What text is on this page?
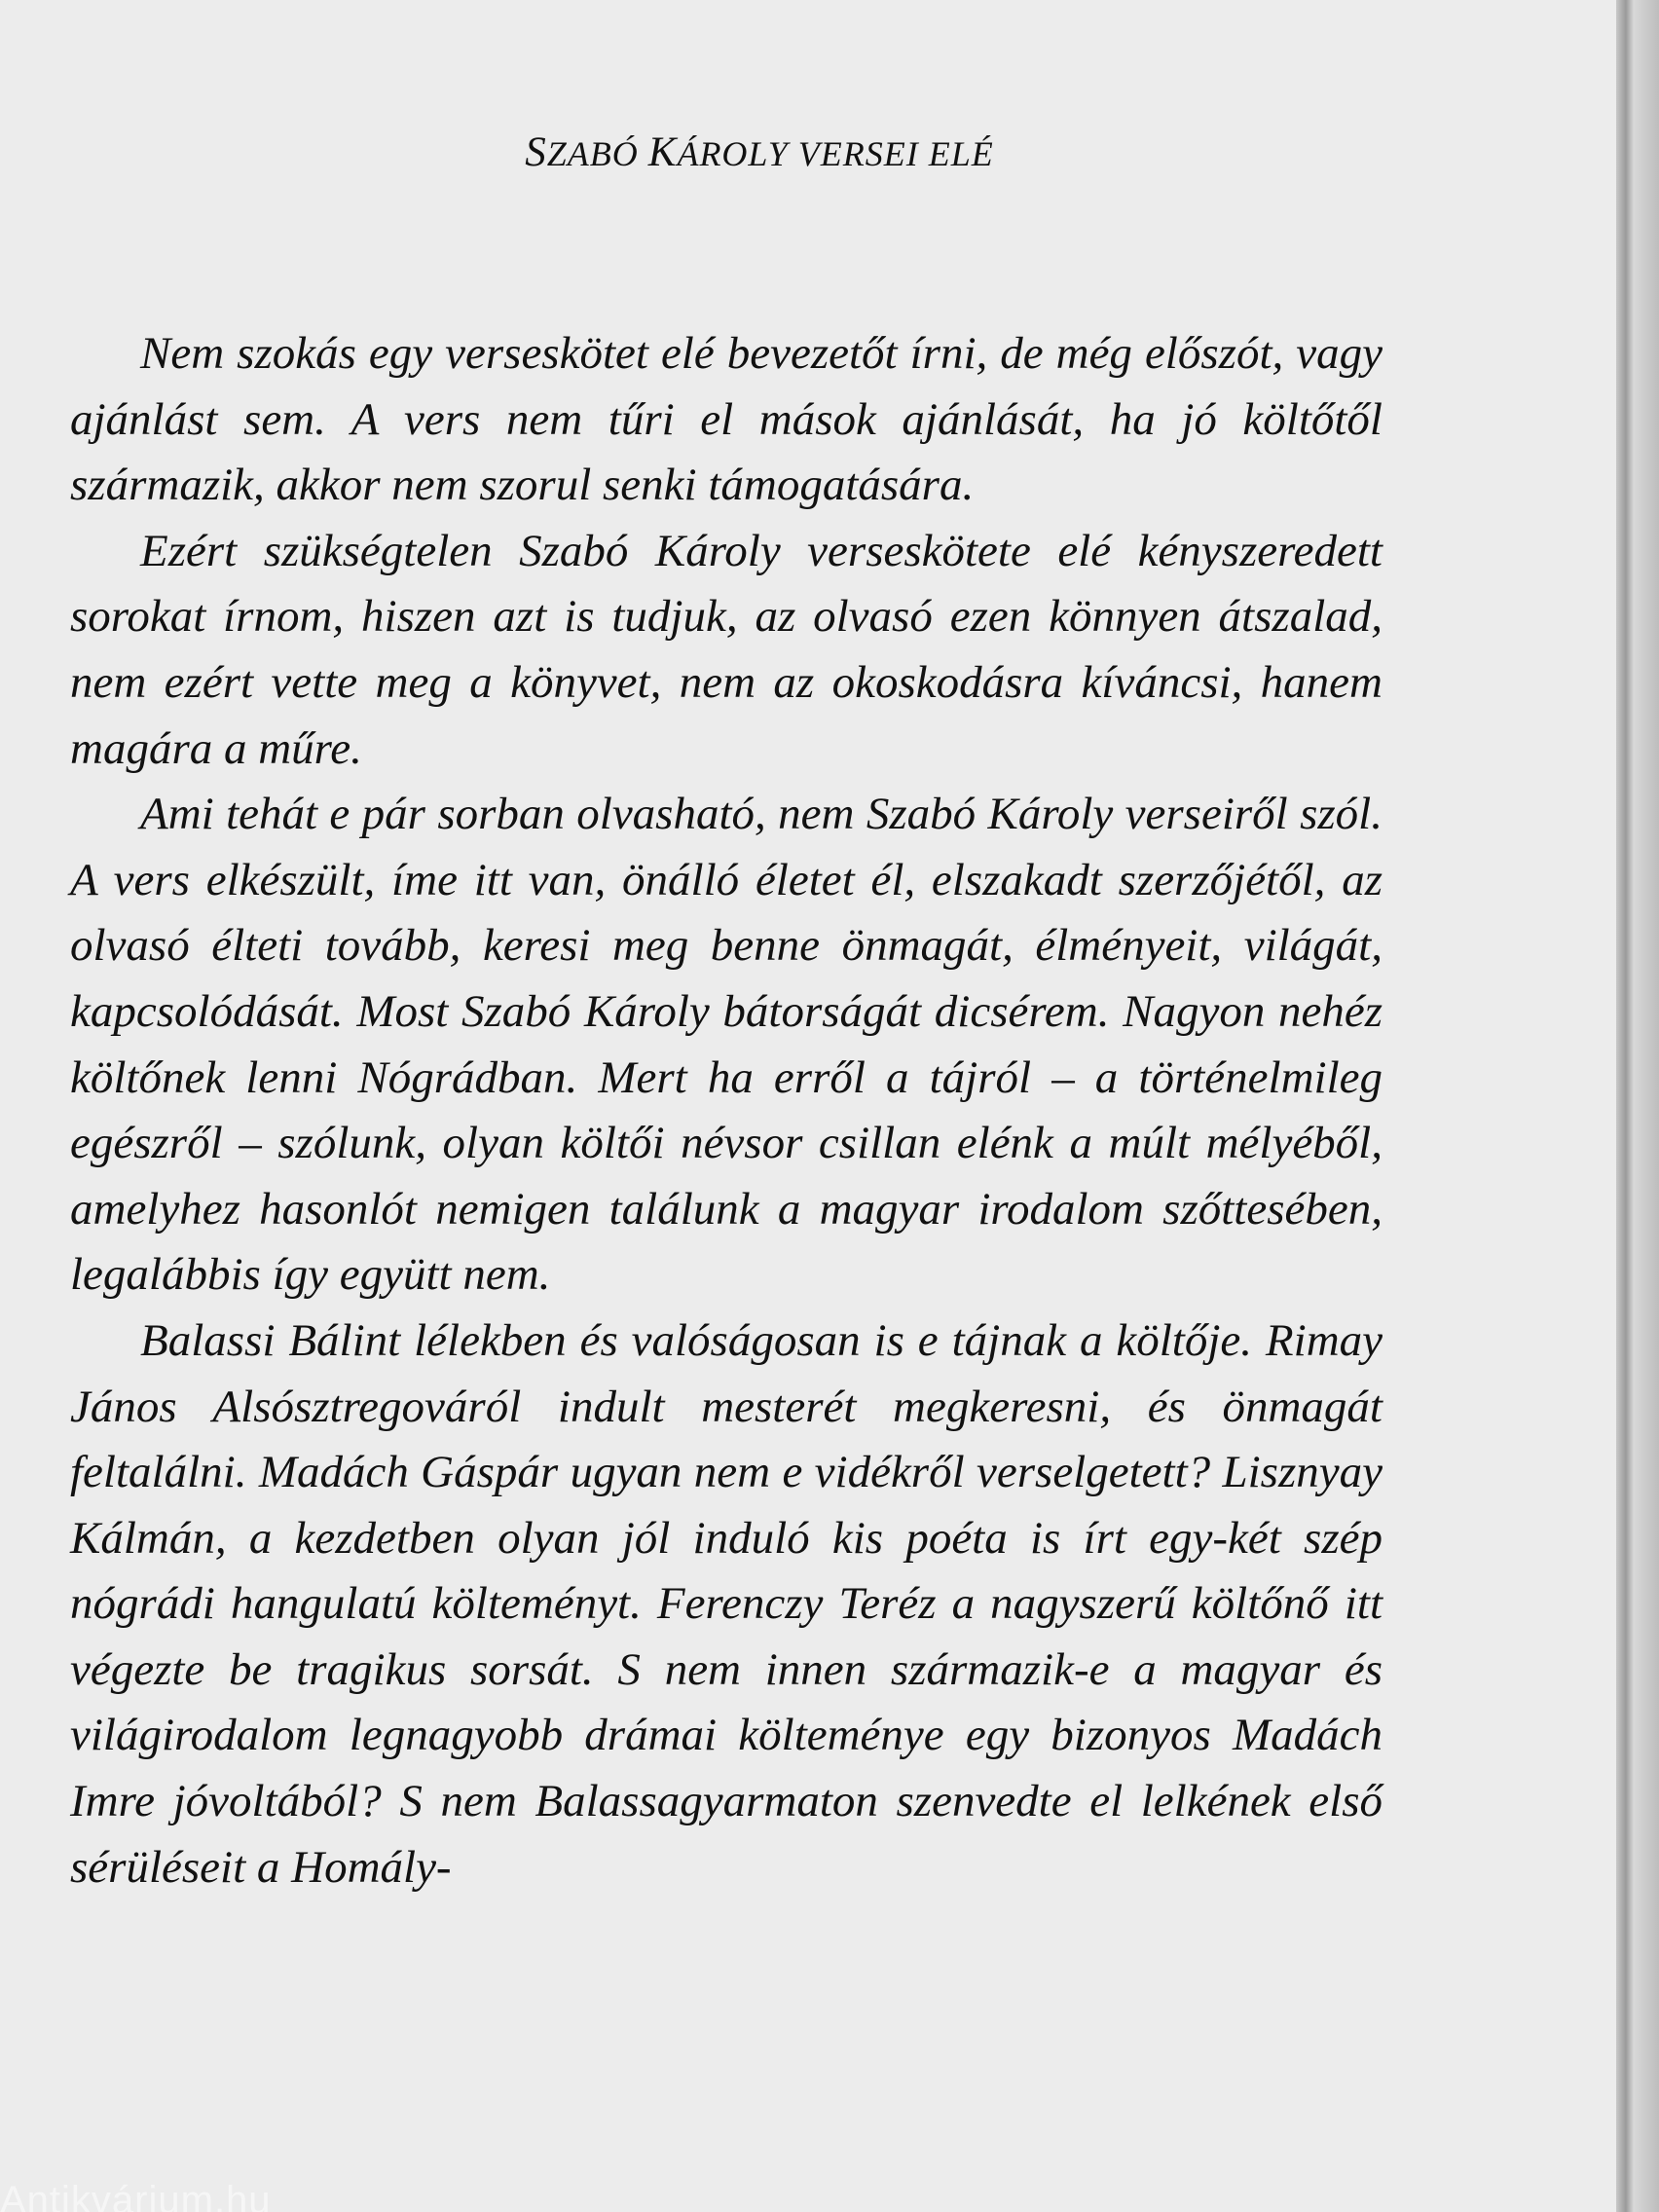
SZABÓ KÁROLY VERSEI ELÉ

Nem szokás egy verseskötet elé bevezetőt írni, de még előszót, vagy ajánlást sem. A vers nem tűri el mások ajánlását, ha jó költőtől származik, akkor nem szorul senki támogatására.

Ezért szükségtelen Szabó Károly verseskötete elé kényszeredett sorokat írnom, hiszen azt is tudjuk, az olvasó ezen könnyen átszalad, nem ezért vette meg a könyvet, nem az okoskodásra kíváncsi, hanem magára a műre.

Ami tehát e pár sorban olvasható, nem Szabó Károly verseiről szól. A vers elkészült, íme itt van, önálló életet él, elszakadt szerzőjétől, az olvasó élteti tovább, keresi meg benne önmagát, élményeit, világát, kapcsolódását. Most Szabó Károly bátorságát dicsérem. Nagyon nehéz költőnek lenni Nógrádban. Mert ha erről a tájról – a történelmileg egészről – szólunk, olyan költői névsor csillan elénk a múlt mélyéből, amelyhez hasonlót nemigen találunk a magyar irodalom szőttesében, legalábbis így együtt nem.

Balassi Bálint lélekben és valóságosan is e tájnak a költője. Rimay János Alsósztregováról indult mesterét megkeresni, és önmagát feltalálni. Madách Gáspár ugyan nem e vidékről verselgetett? Lisznyay Kálmán, a kezdetben olyan jól induló kis poéta is írt egy-két szép nógrádi hangulatú költeményt. Ferenczy Teréz a nagyszerű költőnő itt végezte be tragikus sorsát. S nem innen származik-e a magyar és világirodalom legnagyobb drámai költeménye egy bizonyos Madách Imre jóvoltából? S nem Balassagyarmaton szenvedte el lelkének első sérüléseit a Homály-

Antikvárium.hu
